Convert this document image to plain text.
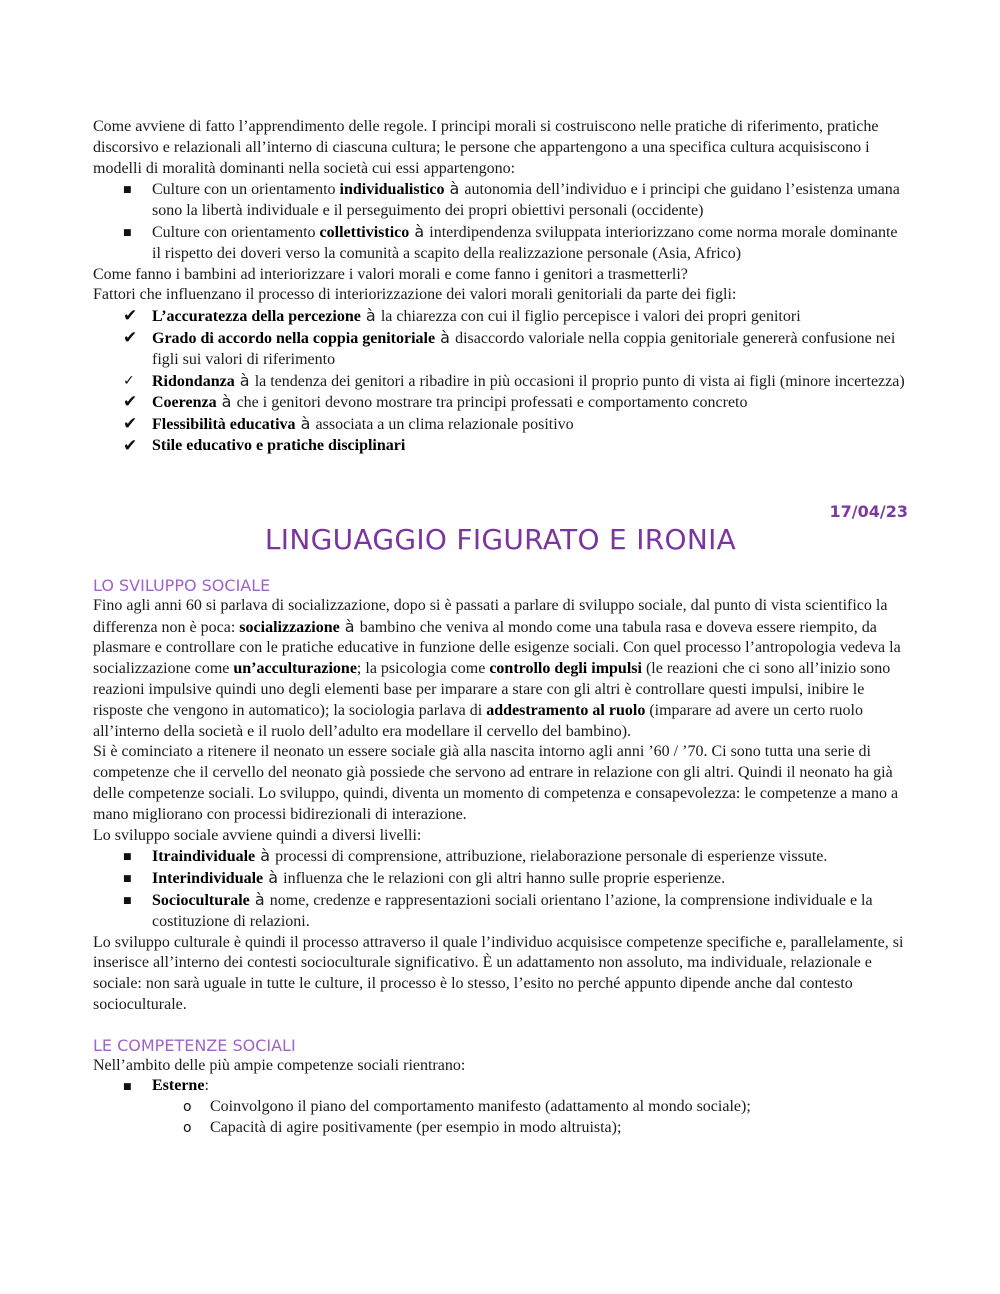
Come avviene di fatto l’apprendimento delle regole. I principi morali si costruiscono nelle pratiche di riferimento, pratiche discorsivo e relazionali all’interno di ciascuna cultura; le persone che appartengono a una specifica cultura acquisiscono i modelli di moralità dominanti nella società cui essi appartengono:

■	Culture con un orientamento individualistico à autonomia dell’individuo e i principi che guidano l’esistenza umana sono la libertà individuale e il perseguimento dei propri obiettivi personali (occidente)
■	Culture con orientamento collettivistico à interdipendenza sviluppata interiorizzano come norma morale dominante il rispetto dei doveri verso la comunità a scapito della realizzazione personale (Asia, Africo)

Come fanno i bambini ad interiorizzare i valori morali e come fanno i genitori a trasmetterli?

Fattori che influenzano il processo di interiorizzazione dei valori morali genitoriali da parte dei figli:

✔ L’accuratezza della percezione à la chiarezza con cui il figlio percepisce i valori dei propri genitori
✔ Grado di accordo nella coppia genitoriale à disaccordo valoriale nella coppia genitoriale genererà confusione nei figli sui valori di riferimento
✓	Ridondanza à la tendenza dei genitori a ribadire in più occasioni il proprio punto di vista ai figli (minore incertezza)
✔ Coerenza à che i genitori devono mostrare tra principi professati e comportamento concreto
✔ Flessibilità educativa à associata a un clima relazionale positivo
✔ Stile educativo e pratiche disciplinari
17/04/23
LINGUAGGIO FIGURATO E IRONIA
LO SVILUPPO SOCIALE

Fino agli anni 60 si parlava di socializzazione, dopo si è passati a parlare di sviluppo sociale, dal punto di vista scientifico la differenza non è poca: socializzazione à bambino che veniva al mondo come una tabula rasa e doveva essere riempito, da plasmare e controllare con le pratiche educative in funzione delle esigenze sociali. Con quel processo l’antropologia vedeva la socializzazione come un’acculturazione; la psicologia come controllo degli impulsi (le reazioni che ci sono all’inizio sono reazioni impulsive quindi uno degli elementi base per imparare a stare con gli altri è controllare questi impulsi, inibire le risposte che vengono in automatico); la sociologia parlava di addestramento al ruolo (imparare ad avere un certo ruolo all’interno della società e il ruolo dell’adulto era modellare il cervello del bambino).

Si è cominciato a ritenere il neonato un essere sociale già alla nascita intorno agli anni ’60 / ’70. Ci sono tutta una serie di competenze che il cervello del neonato già possiede che servono ad entrare in relazione con gli altri. Quindi il neonato ha già delle competenze sociali. Lo sviluppo, quindi, diventa un momento di competenza e consapevolezza: le competenze a mano a mano migliorano con processi bidirezionali di interazione.

Lo sviluppo sociale avviene quindi a diversi livelli:

■	Itraindividuale à processi di comprensione, attribuzione, rielaborazione personale di esperienze vissute.
■	Interindividuale à influenza che le relazioni con gli altri hanno sulle proprie esperienze.
■	Socioculturale à nome, credenze e rappresentazioni sociali orientano l’azione, la comprensione individuale e la costituzione di relazioni.

Lo sviluppo culturale è quindi il processo attraverso il quale l’individuo acquisisce competenze specifiche e, parallelamente, si inserisce all’interno dei contesti socioculturale significativo. È un adattamento non assoluto, ma individuale, relazionale e sociale: non sarà uguale in tutte le culture, il processo è lo stesso, l’esito no perché appunto dipende anche dal contesto socioculturale.

LE COMPETENZE SOCIALI

Nell’ambito delle più ampie competenze sociali rientrano:

■	Esterne:
o	Coinvolgono il piano del comportamento manifesto (adattamento al mondo sociale);
o	Capacità di agire positivamente (per esempio in modo altruista);
